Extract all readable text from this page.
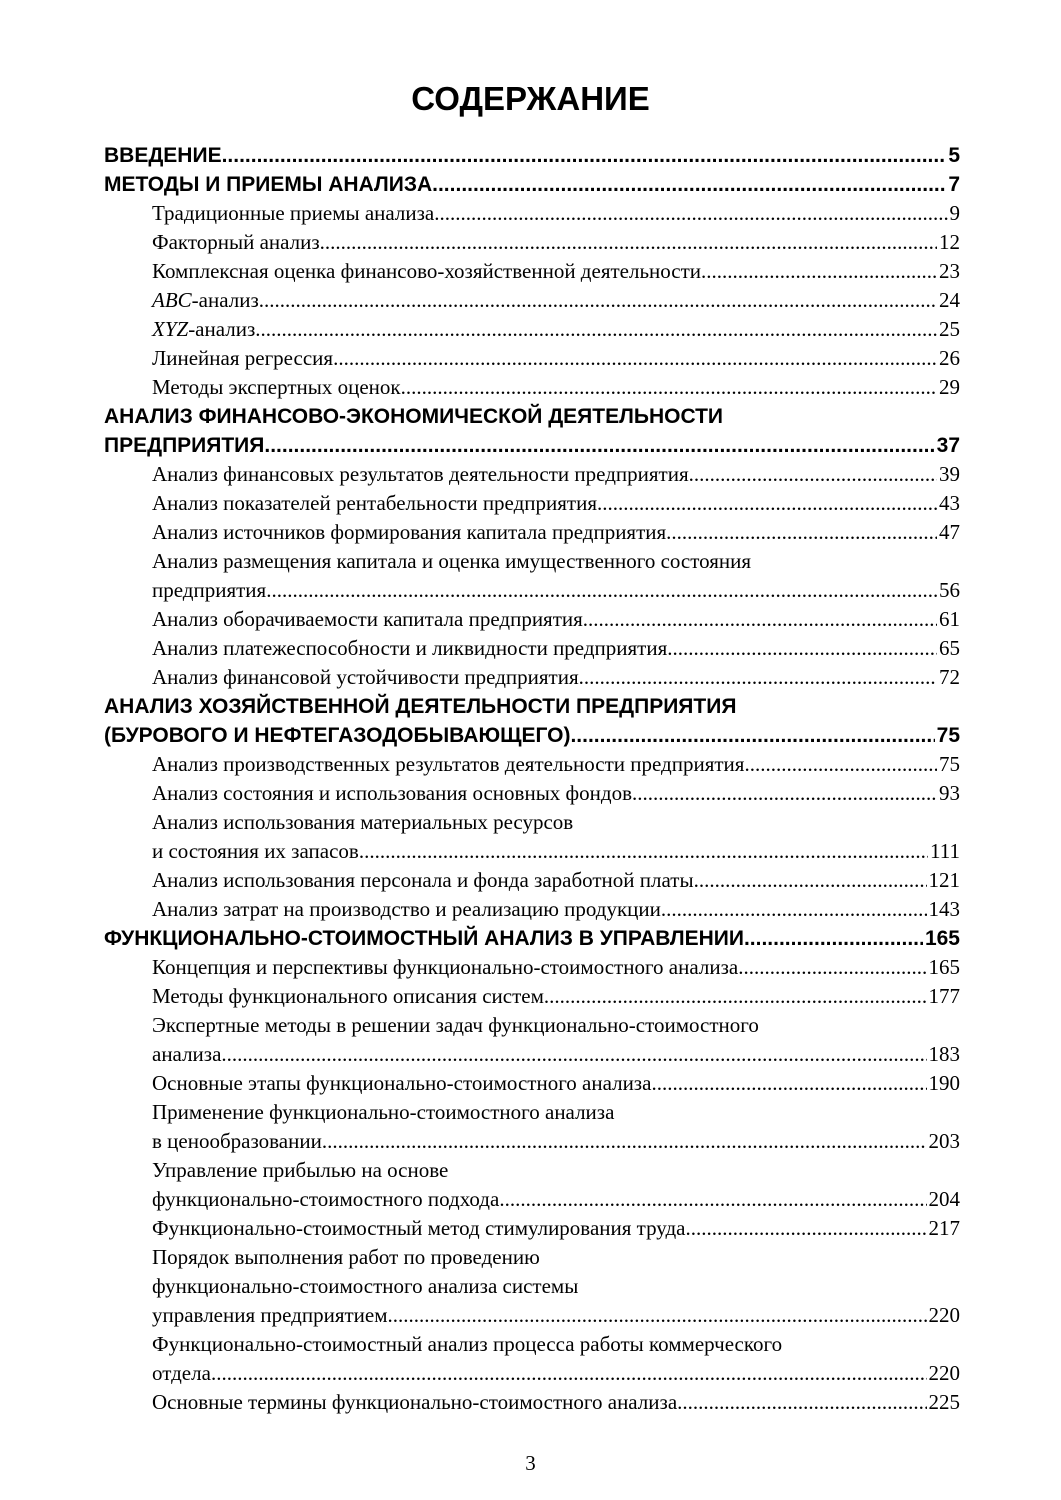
СОДЕРЖАНИЕ
ВВЕДЕНИЕ .....	5
МЕТОДЫ И ПРИЕМЫ АНАЛИЗА .....	7
Традиционные приемы анализа .....	9
Факторный анализ .....	12
Комплексная оценка финансово-хозяйственной деятельности .....	23
ABC-анализ .....	24
XYZ-анализ .....	25
Линейная регрессия .....	26
Методы экспертных оценок .....	29
АНАЛИЗ ФИНАНСОВО-ЭКОНОМИЧЕСКОЙ ДЕЯТЕЛЬНОСТИ
ПРЕДПРИЯТИЯ .....	37
Анализ финансовых результатов деятельности предприятия .....	39
Анализ показателей рентабельности предприятия .....	43
Анализ источников формирования капитала предприятия .....	47
Анализ размещения капитала и оценка имущественного состояния
предприятия .....	56
Анализ оборачиваемости капитала предприятия .....	61
Анализ платежеспособности и ликвидности предприятия .....	65
Анализ финансовой устойчивости предприятия .....	72
АНАЛИЗ ХОЗЯЙСТВЕННОЙ ДЕЯТЕЛЬНОСТИ ПРЕДПРИЯТИЯ
(БУРОВОГО И НЕФТЕГАЗОДОБЫВАЮЩЕГО) .....	75
Анализ производственных результатов деятельности предприятия .....	75
Анализ состояния и использования основных фондов .....	93
Анализ использования материальных ресурсов
и состояния их запасов .....	111
Анализ использования персонала и фонда заработной платы .....	121
Анализ затрат на производство и реализацию продукции .....	143
ФУНКЦИОНАЛЬНО-СТОИМОСТНЫЙ АНАЛИЗ В УПРАВЛЕНИИ .....	165
Концепция и перспективы функционально-стоимостного анализа .....	165
Методы функционального описания систем .....	177
Экспертные методы в решении задач функционально-стоимостного
анализа .....	183
Основные этапы функционально-стоимостного анализа .....	190
Применение функционально-стоимостного анализа
в ценообразовании .....	203
Управление прибылью на основе
функционально-стоимостного подхода .....	204
Функционально-стоимостный метод стимулирования труда .....	217
Порядок выполнения работ по проведению
функционально-стоимостного анализа системы
управления предприятием .....	220
Функционально-стоимостный анализ процесса работы коммерческого
отдела .....	220
Основные термины функционально-стоимостного анализа .....	225
3
